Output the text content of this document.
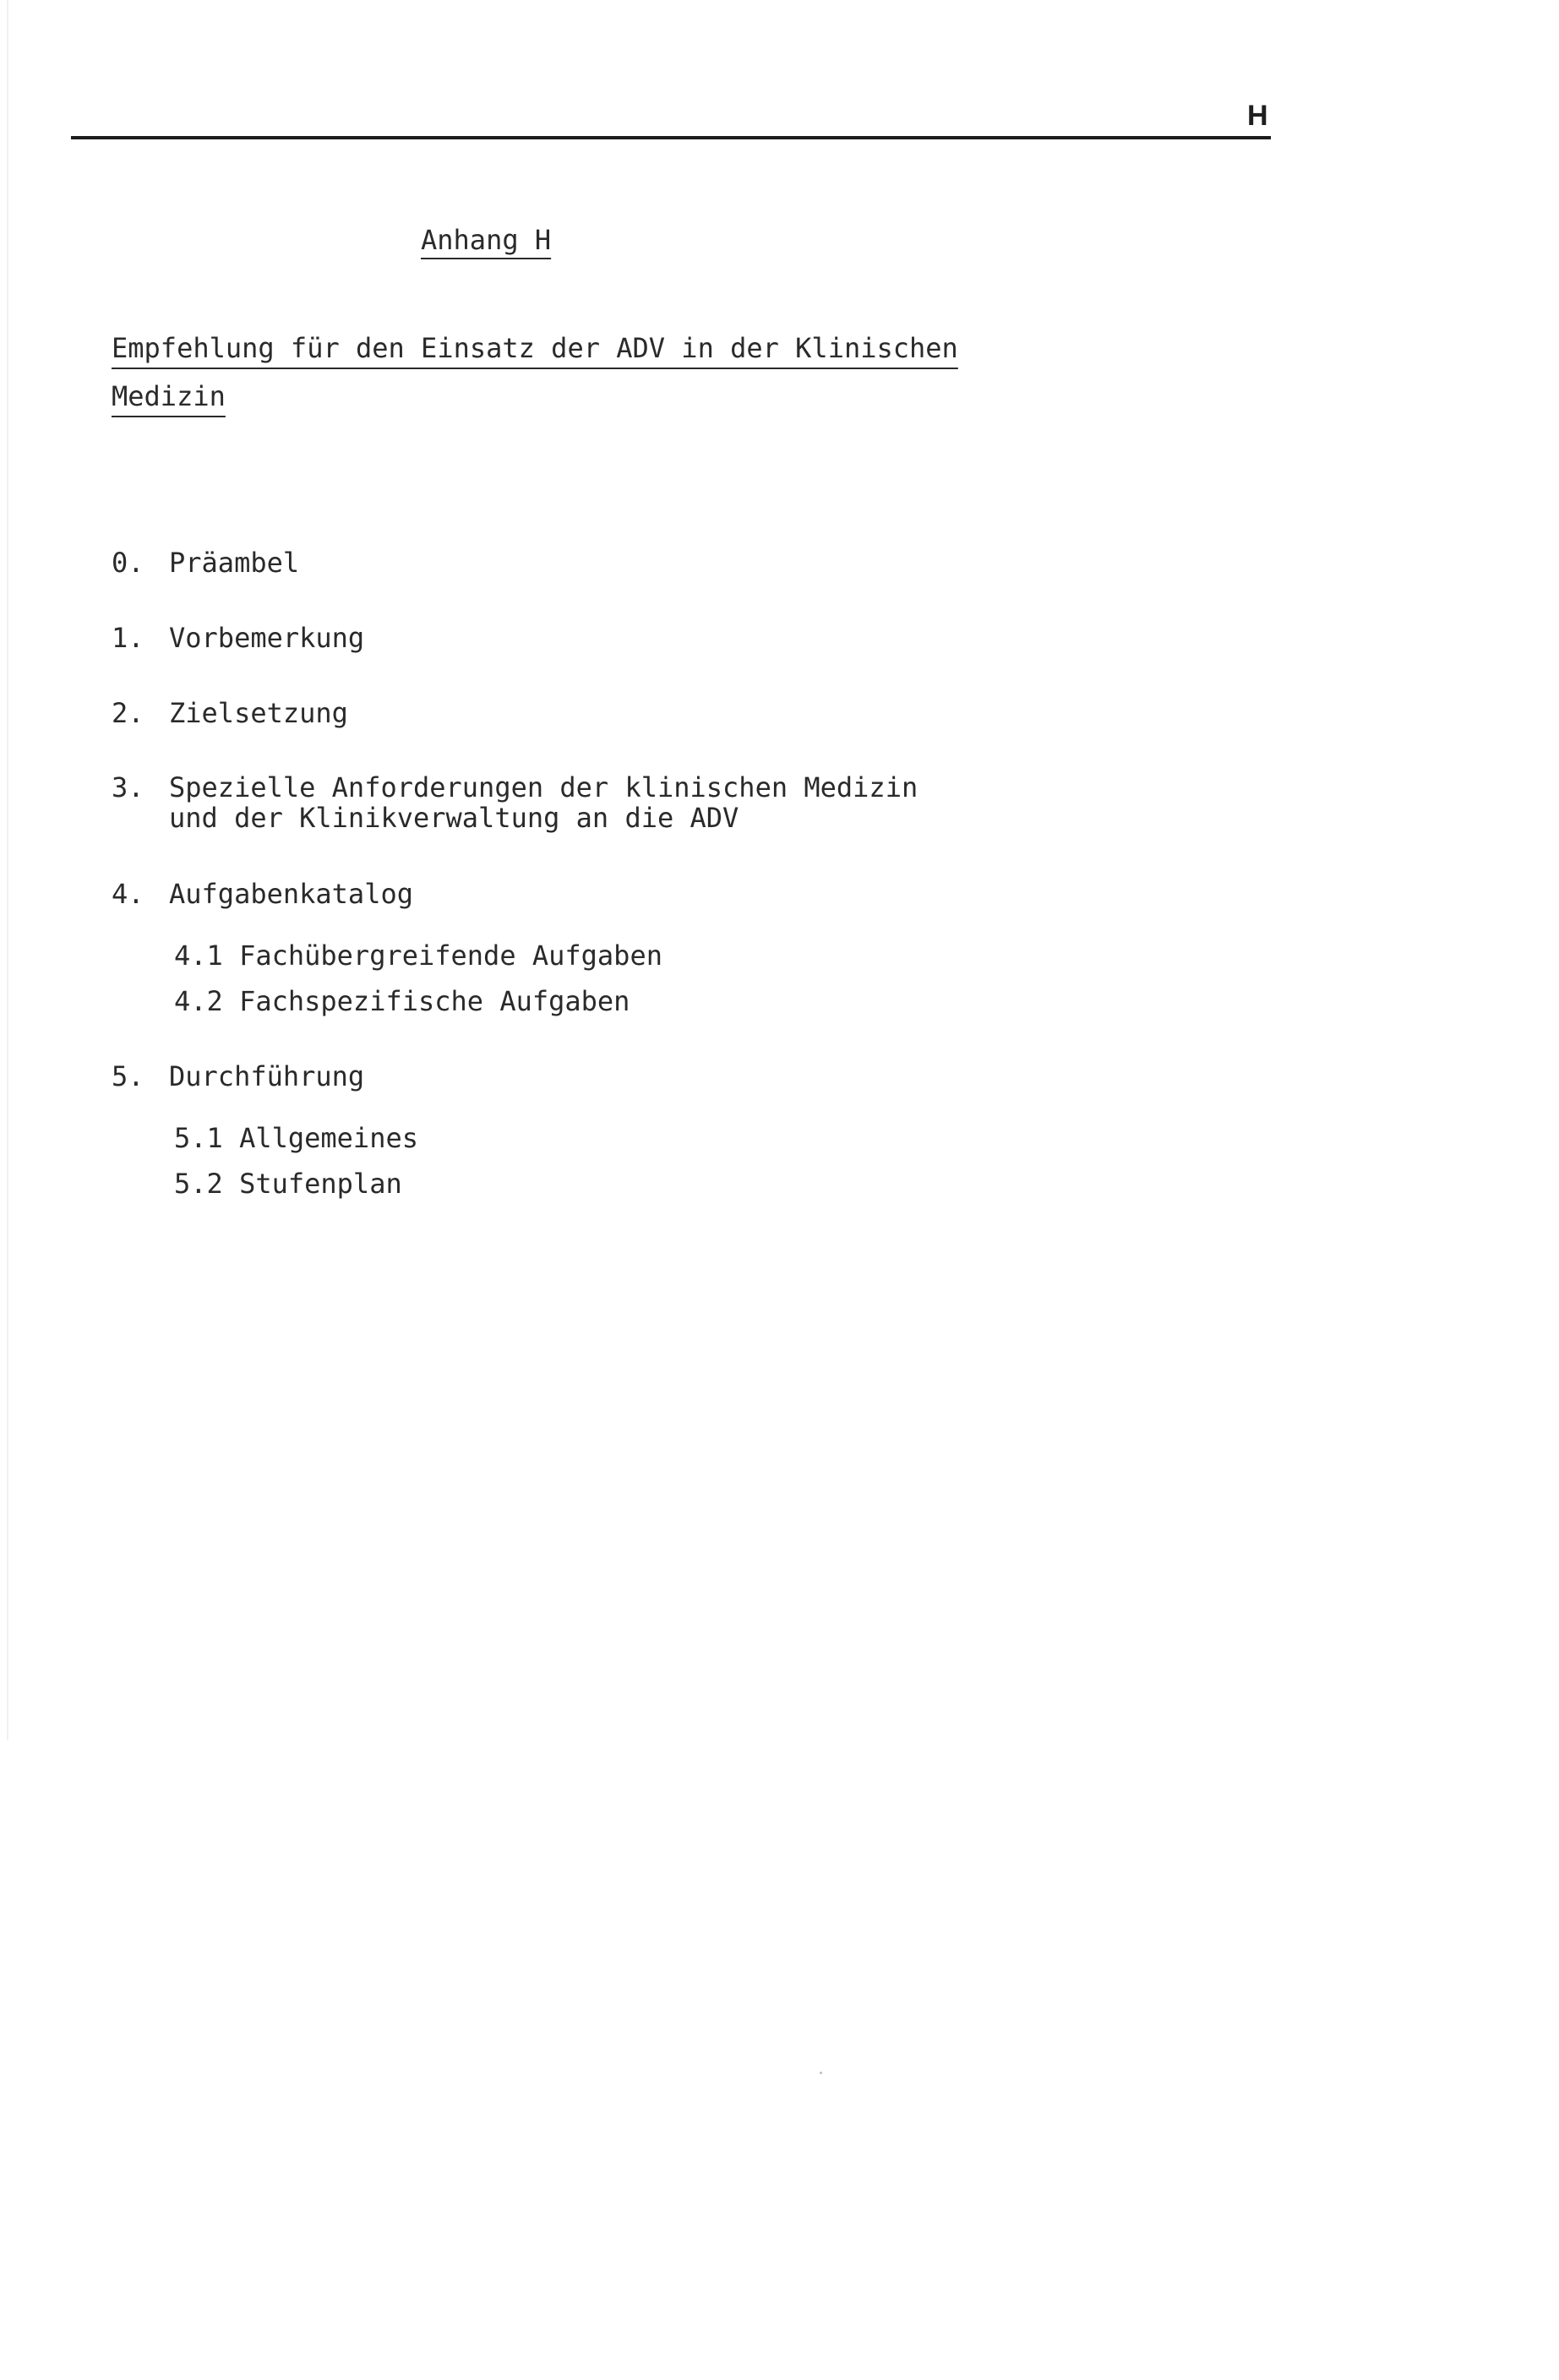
H
Anhang H
Empfehlung für den Einsatz der ADV in der Klinischen
Medizin
0. Präambel
1. Vorbemerkung
2. Zielsetzung
3. Spezielle Anforderungen der klinischen Medizin
und der Klinikverwaltung an die ADV
4. Aufgabenkatalog
4.1 Fachübergreifende Aufgaben
4.2 Fachspezifische Aufgaben
5. Durchführung
5.1 Allgemeines
5.2 Stufenplan
